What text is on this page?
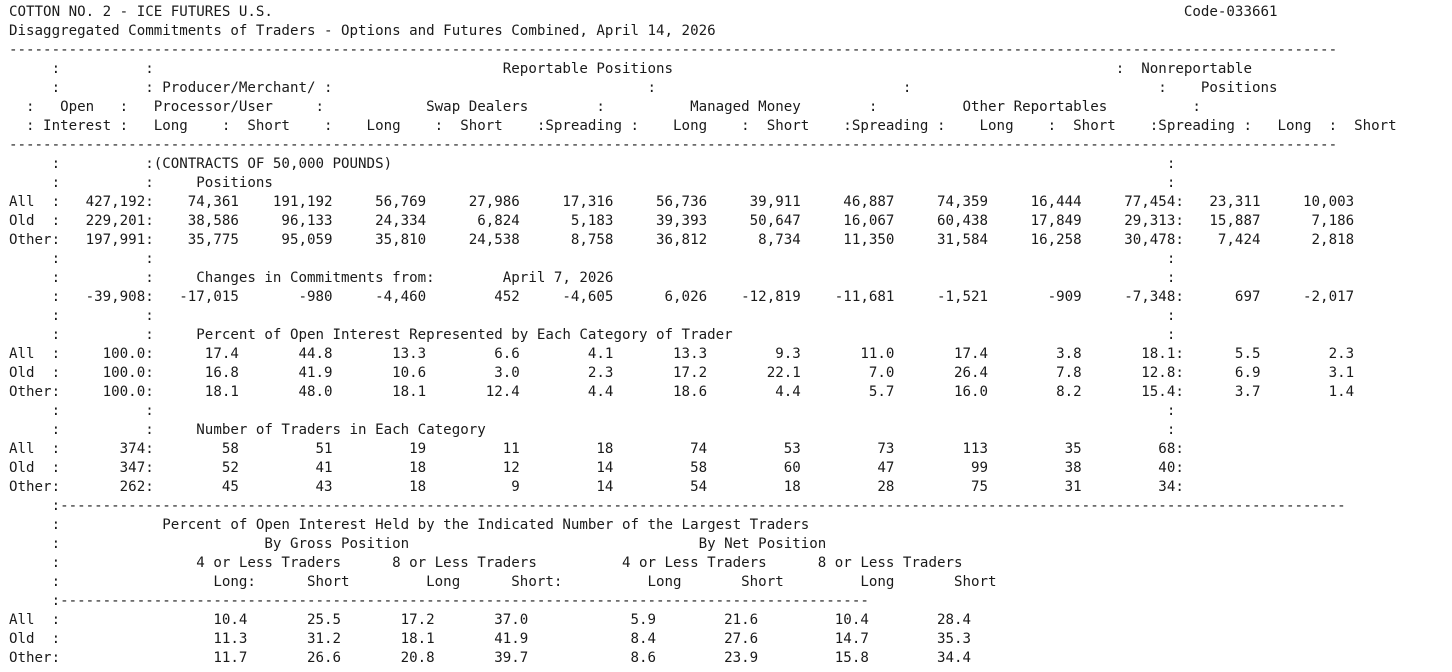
COTTON NO. 2 - ICE FUTURES U.S.                                                                                                           Code-033661
Disaggregated Commitments of Traders - Options and Futures Combined, April 14, 2026
------------------------------------------------------------------------------------------------------------------------------------------------------------
:          :                                         Reportable Positions                                                    :  Nonreportable
:          : Producer/Merchant/ :                                     :                             :                             :    Positions
:   Open   :   Processor/User     :            Swap Dealers        :          Managed Money        :          Other Reportables          :
: Interest :   Long    :  Short    :    Long    :  Short    :Spreading :    Long    :  Short    :Spreading :    Long    :  Short    :Spreading :   Long  :  Short
------------------------------------------------------------------------------------------------------------------------------------------------------------
:          :(CONTRACTS OF 50,000 POUNDS)                                                                                           :
:          :     Positions                                                                                                         :
All  :   427,192:    74,361    191,192     56,769     27,986     17,316     56,736     39,911     46,887     74,359     16,444     77,454:   23,311     10,003
Old  :   229,201:    38,586     96,133     24,334      6,824      5,183     39,393     50,647     16,067     60,438     17,849     29,313:   15,887      7,186
Other:   197,991:    35,775     95,059     35,810     24,538      8,758     36,812      8,734     11,350     31,584     16,258     30,478:    7,424      2,818
:          :                                                                                                                       :
:          :     Changes in Commitments from:        April 7, 2026                                                                 :
:   -39,908:   -17,015       -980     -4,460        452     -4,605      6,026    -12,819    -11,681     -1,521       -909     -7,348:      697     -2,017
:          :                                                                                                                       :
:          :     Percent of Open Interest Represented by Each Category of Trader                                                   :
All  :     100.0:      17.4       44.8       13.3        6.6        4.1       13.3        9.3       11.0       17.4        3.8       18.1:      5.5        2.3
Old  :     100.0:      16.8       41.9       10.6        3.0        2.3       17.2       22.1        7.0       26.4        7.8       12.8:      6.9        3.1
Other:     100.0:      18.1       48.0       18.1       12.4        4.4       18.6        4.4        5.7       16.0        8.2       15.4:      3.7        1.4
:          :                                                                                                                       :
:          :     Number of Traders in Each Category                                                                                :
All  :       374:        58         51         19         11         18         74         53         73        113         35         68:
Old  :       347:        52         41         18         12         14         58         60         47         99         38         40:
Other:       262:        45         43         18          9         14         54         18         28         75         31         34:
:-------------------------------------------------------------------------------------------------------------------------------------------------------
:            Percent of Open Interest Held by the Indicated Number of the Largest Traders
:                        By Gross Position                                  By Net Position
:                4 or Less Traders      8 or Less Traders          4 or Less Traders      8 or Less Traders
:                  Long:      Short         Long      Short:          Long       Short         Long       Short
:-----------------------------------------------------------------------------------------------
All  :                  10.4       25.5       17.2       37.0            5.9        21.6         10.4        28.4
Old  :                  11.3       31.2       18.1       41.9            8.4        27.6         14.7        35.3
Other:                  11.7       26.6       20.8       39.7            8.6        23.9         15.8        34.4
